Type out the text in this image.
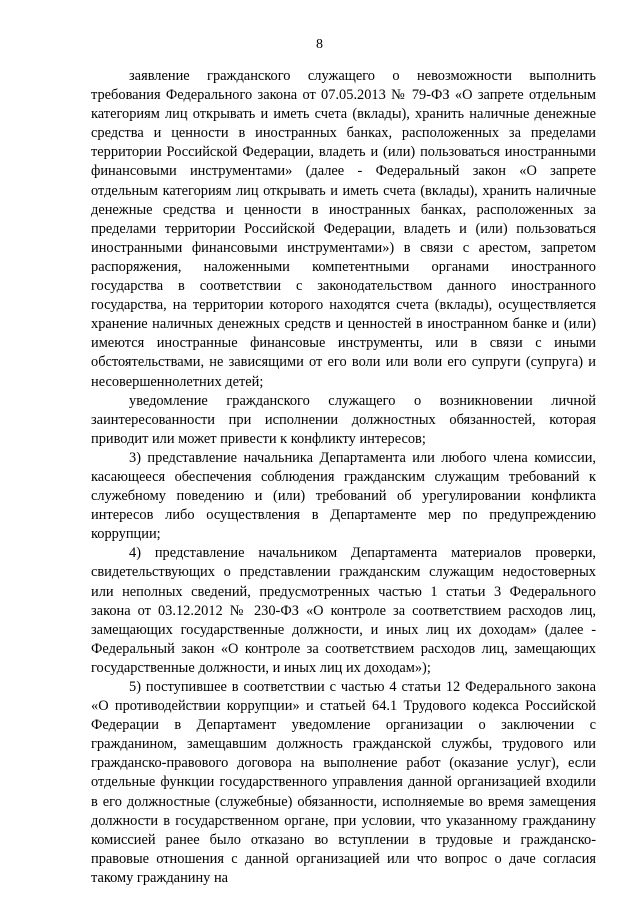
8

заявление гражданского служащего о невозможности выполнить требования Федерального закона от 07.05.2013 № 79-ФЗ «О запрете отдельным категориям лиц открывать и иметь счета (вклады), хранить наличные денежные средства и ценности в иностранных банках, расположенных за пределами территории Российской Федерации, владеть и (или) пользоваться иностранными финансовыми инструментами» (далее - Федеральный закон «О запрете отдельным категориям лиц открывать и иметь счета (вклады), хранить наличные денежные средства и ценности в иностранных банках, расположенных за пределами территории Российской Федерации, владеть и (или) пользоваться иностранными финансовыми инструментами») в связи с арестом, запретом распоряжения, наложенными компетентными органами иностранного государства в соответствии с законодательством данного иностранного государства, на территории которого находятся счета (вклады), осуществляется хранение наличных денежных средств и ценностей в иностранном банке и (или) имеются иностранные финансовые инструменты, или в связи с иными обстоятельствами, не зависящими от его воли или воли его супруги (супруга) и несовершеннолетних детей;

уведомление гражданского служащего о возникновении личной заинтересованности при исполнении должностных обязанностей, которая приводит или может привести к конфликту интересов;

3) представление начальника Департамента или любого члена комиссии, касающееся обеспечения соблюдения гражданским служащим требований к служебному поведению и (или) требований об урегулировании конфликта интересов либо осуществления в Департаменте мер по предупреждению коррупции;

4) представление начальником Департамента материалов проверки, свидетельствующих о представлении гражданским служащим недостоверных или неполных сведений, предусмотренных частью 1 статьи 3 Федерального закона от 03.12.2012 № 230-ФЗ «О контроле за соответствием расходов лиц, замещающих государственные должности, и иных лиц их доходам» (далее - Федеральный закон «О контроле за соответствием расходов лиц, замещающих государственные должности, и иных лиц их доходам»);

5) поступившее в соответствии с частью 4 статьи 12 Федерального закона «О противодействии коррупции» и статьей 64.1 Трудового кодекса Российской Федерации в Департамент уведомление организации о заключении с гражданином, замещавшим должность гражданской службы, трудового или гражданско-правового договора на выполнение работ (оказание услуг), если отдельные функции государственного управления данной организацией входили в его должностные (служебные) обязанности, исполняемые во время замещения должности в государственном органе, при условии, что указанному гражданину комиссией ранее было отказано во вступлении в трудовые и гражданско-правовые отношения с данной организацией или что вопрос о даче согласия такому гражданину на
